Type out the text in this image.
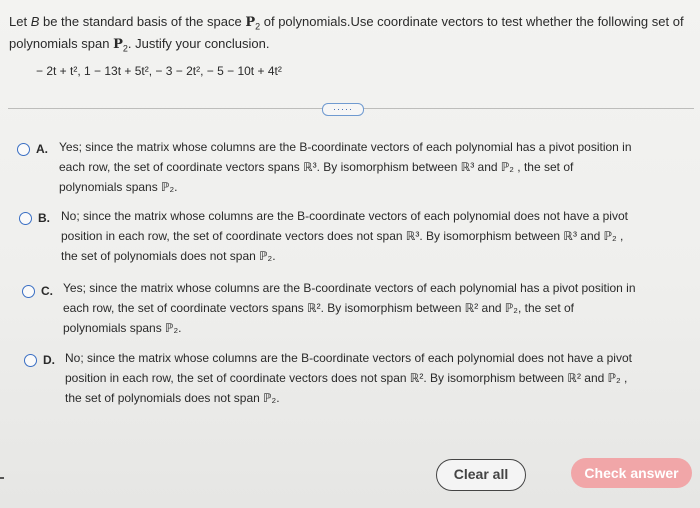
Let B be the standard basis of the space $P_2$ of polynomials.Use coordinate vectors to test whether the following set of
polynomials span $P_2$. Justify your conclusion.
− 2t + t², 1 − 13t + 5t², − 3 − 2t², − 5 − 10t + 4t²
·····
A. Yes; since the matrix whose columns are the B-coordinate vectors of each polynomial has a pivot position in
each row, the set of coordinate vectors spans ℝ³. By isomorphism between ℝ³ and ℙ₂ , the set of
polynomials spans ℙ₂.
B. No; since the matrix whose columns are the B-coordinate vectors of each polynomial does not have a pivot
position in each row, the set of coordinate vectors does not span ℝ³. By isomorphism between ℝ³ and ℙ₂ ,
the set of polynomials does not span ℙ₂.
C. Yes; since the matrix whose columns are the B-coordinate vectors of each polynomial has a pivot position in
each row, the set of coordinate vectors spans ℝ². By isomorphism between ℝ² and ℙ₂, the set of
polynomials spans ℙ₂.
D. No; since the matrix whose columns are the B-coordinate vectors of each polynomial does not have a pivot
position in each row, the set of coordinate vectors does not span ℝ². By isomorphism between ℝ² and ℙ₂ ,
the set of polynomials does not span ℙ₂.
Clear all	Check answer
